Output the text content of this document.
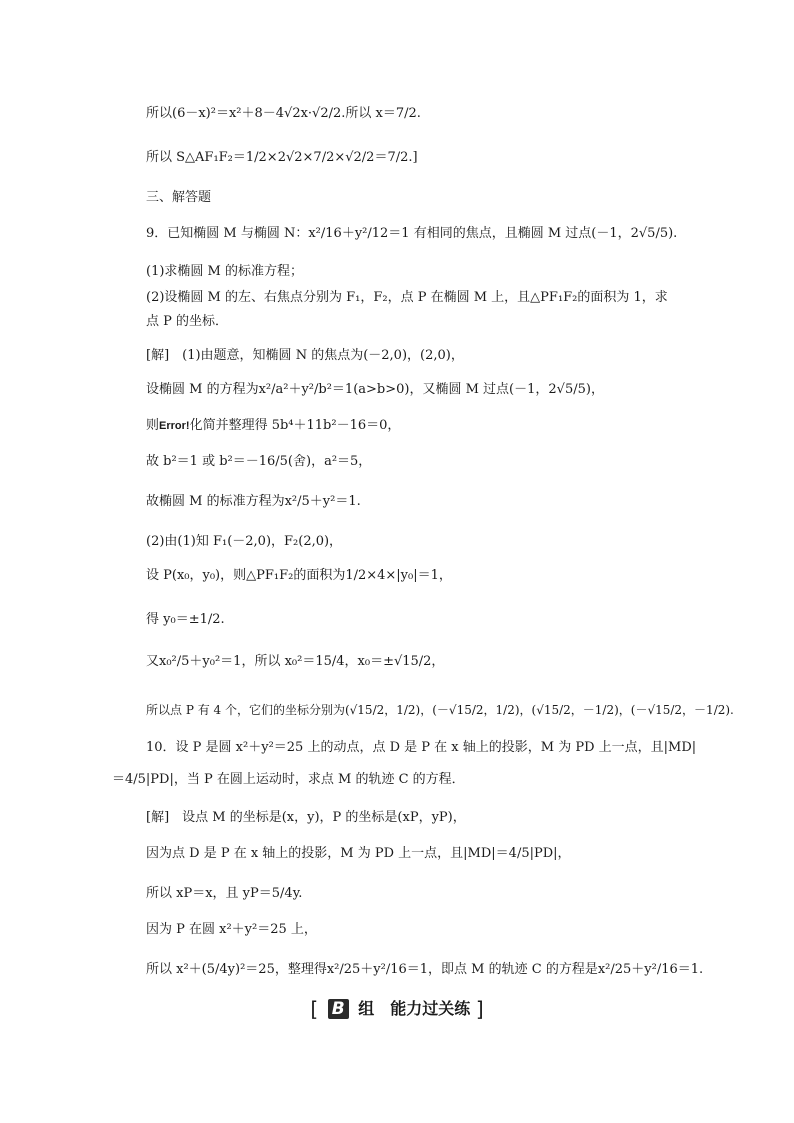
所以(6－x)²＝x²＋8－4√2x·√2/2.所以 x＝7/2.
所以 S△AF₁F₂＝1/2×2√2×7/2×√2/2＝7/2.]
三、解答题
9．已知椭圆 M 与椭圆 N：x²/16＋y²/12＝1 有相同的焦点，且椭圆 M 过点(－1，2√5/5).
(1)求椭圆 M 的标准方程；
(2)设椭圆 M 的左、右焦点分别为 F₁，F₂，点 P 在椭圆 M 上，且△PF₁F₂的面积为 1，求
点 P 的坐标．
[解]　(1)由题意，知椭圆 N 的焦点为(－2,0)，(2,0)，
设椭圆 M 的方程为x²/a²＋y²/b²＝1(a>b>0)，又椭圆 M 过点(－1，2√5/5)，
则Error!化简并整理得 5b⁴＋11b²－16＝0，
故 b²＝1 或 b²＝－16/5(舍)，a²＝5，
故椭圆 M 的标准方程为x²/5＋y²＝1.
(2)由(1)知 F₁(－2,0)，F₂(2,0)，
设 P(x₀，y₀)，则△PF₁F₂的面积为1/2×4×|y₀|＝1，
得 y₀＝±1/2.
又x₀²/5＋y₀²＝1，所以 x₀²＝15/4，x₀＝±√15/2，
所以点 P 有 4 个，它们的坐标分别为(√15/2，1/2)，(－√15/2，1/2)，(√15/2，－1/2)，(－√15/2，－1/2).
10．设 P 是圆 x²＋y²＝25 上的动点，点 D 是 P 在 x 轴上的投影，M 为 PD 上一点，且|MD|
＝4/5|PD|，当 P 在圆上运动时，求点 M 的轨迹 C 的方程．
[解]　设点 M 的坐标是(x，y)，P 的坐标是(xP，yP)，
因为点 D 是 P 在 x 轴上的投影，M 为 PD 上一点，且|MD|＝4/5|PD|，
所以 xP＝x，且 yP＝5/4y.
因为 P 在圆 x²＋y²＝25 上，
所以 x²＋(5/4y)²＝25，整理得x²/25＋y²/16＝1，即点 M 的轨迹 C 的方程是x²/25＋y²/16＝1.
[ B 组　能力过关练 ]
